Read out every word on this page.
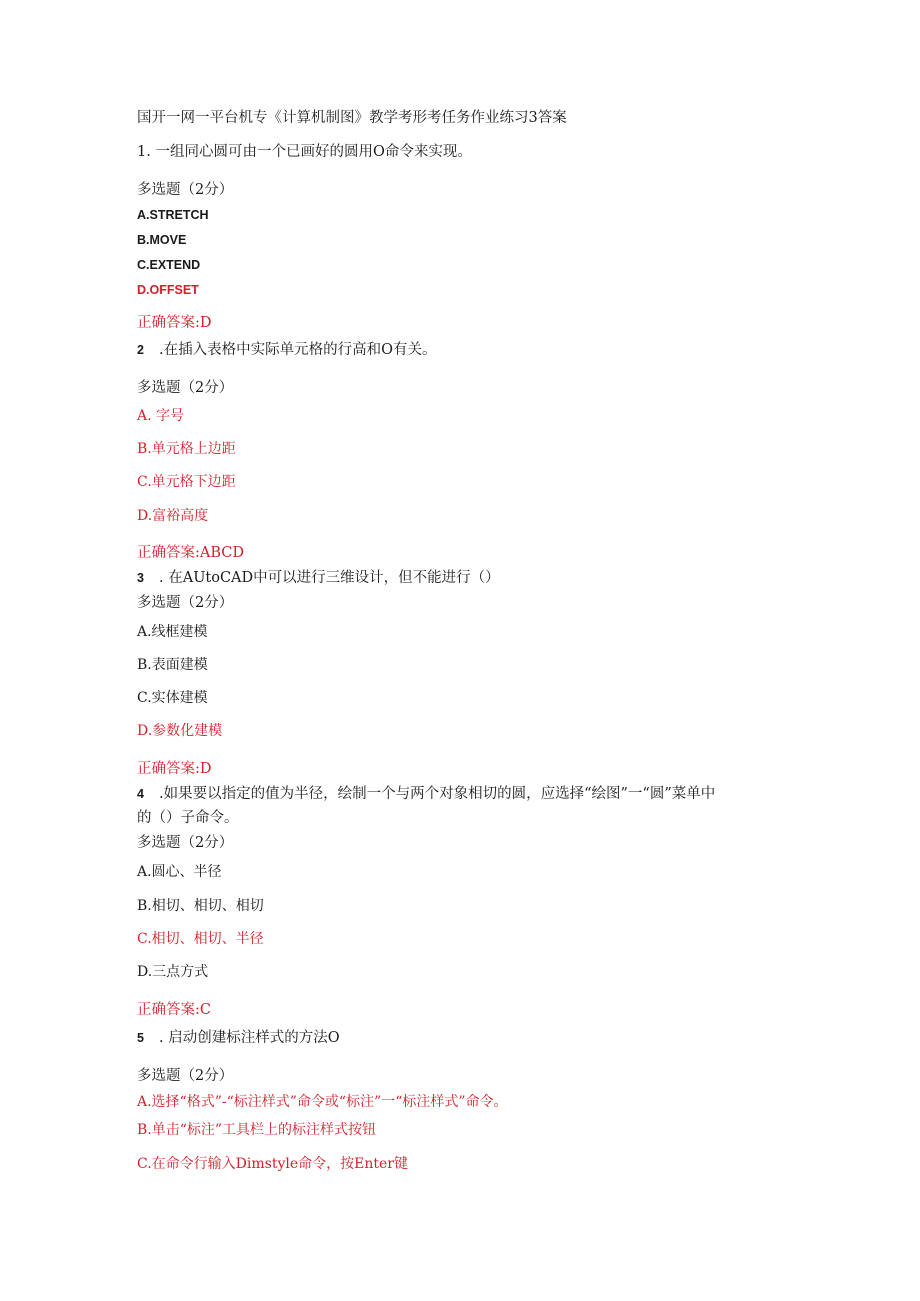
国开一网一平台机专《计算机制图》教学考形考任务作业练习3答案
1. 一组同心圆可由一个已画好的圆用O命令来实现。
多选题（2分）
A.STRETCH
B.MOVE
C.EXTEND
D.OFFSET
正确答案:D
2 .在插入表格中实际单元格的行高和O有关。
多选题（2分）
A. 字号
B.单元格上边距
C.单元格下边距
D.富裕高度
正确答案:ABCD
3 . 在AUtoCAD中可以进行三维设计，但不能进行（）
多选题（2分）
A.线框建模
B.表面建模
C.实体建模
D.参数化建模
正确答案:D
4 .如果要以指定的值为半径，绘制一个与两个对象相切的圆，应选择“绘图”一“圆”菜单中
的（）子命令。
多选题（2分）
A.圆心、半径
B.相切、相切、相切
C.相切、相切、半径
D.三点方式
正确答案:C
5 . 启动创建标注样式的方法O
多选题（2分）
A.选择“格式”-“标注样式”命令或“标注”一“标注样式”命令。
B.单击“标注”工具栏上的标注样式按钮
C.在命令行输入Dimstyle命令，按Enter键
